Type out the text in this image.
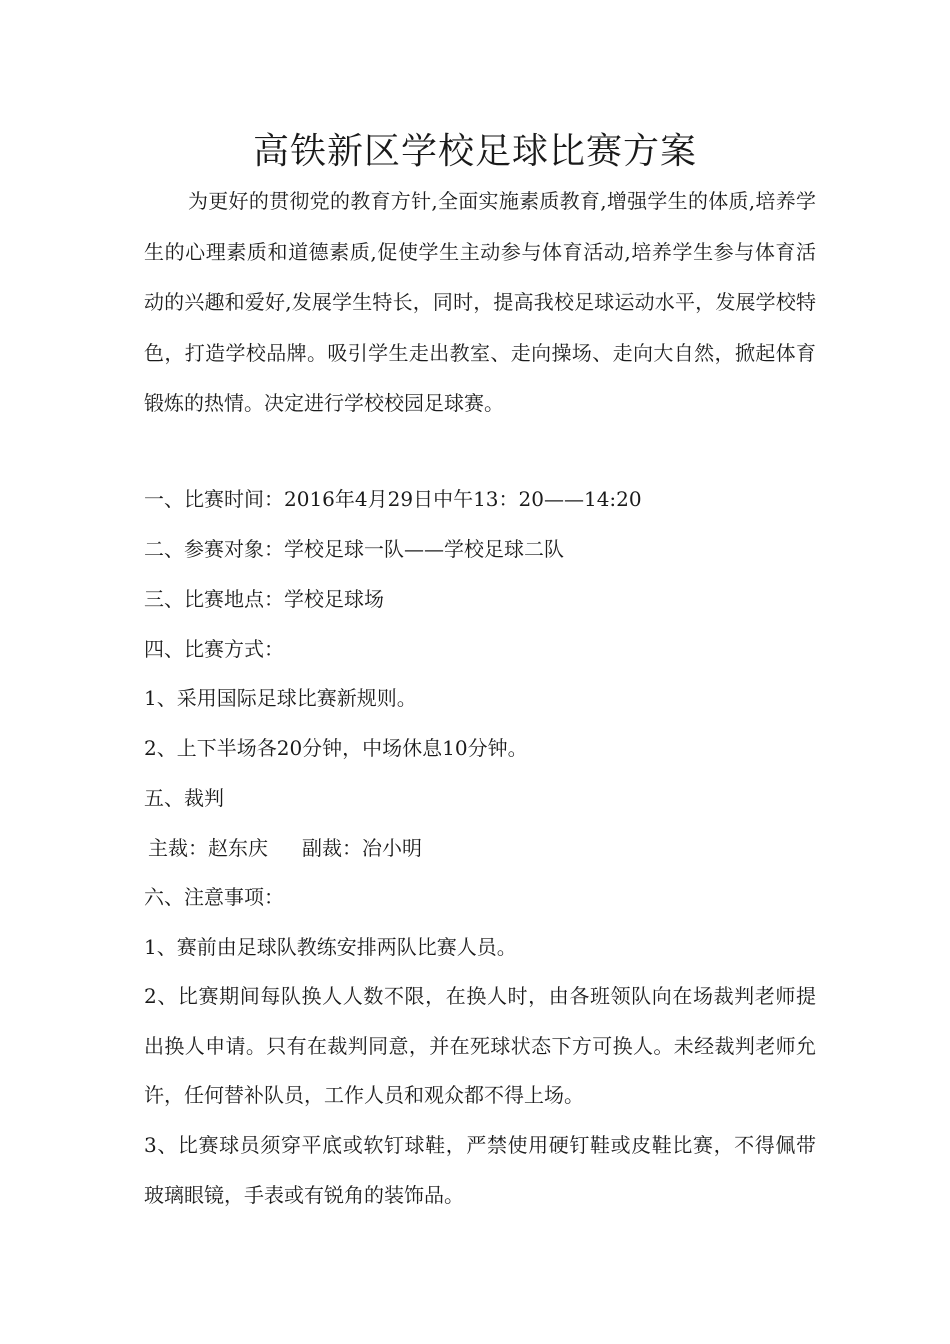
高铁新区学校足球比赛方案

为更好的贯彻党的教育方针,全面实施素质教育,增强学生的体质,培养学生的心理素质和道德素质,促使学生主动参与体育活动,培养学生参与体育活动的兴趣和爱好,发展学生特长，同时，提高我校足球运动水平，发展学校特色，打造学校品牌。吸引学生走出教室、走向操场、走向大自然，掀起体育锻炼的热情。决定进行学校校园足球赛。

一、比赛时间：2016年4月29日中午13：20——14:20

二、参赛对象：学校足球一队——学校足球二队

三、比赛地点：学校足球场

四、比赛方式：

1、采用国际足球比赛新规则。

2、上下半场各20分钟，中场休息10分钟。

五、裁判

主裁：赵东庆 副裁：冶小明

六、注意事项：

1、赛前由足球队教练安排两队比赛人员。

2、比赛期间每队换人人数不限，在换人时，由各班领队向在场裁判老师提出换人申请。只有在裁判同意，并在死球状态下方可换人。未经裁判老师允许，任何替补队员，工作人员和观众都不得上场。

3、比赛球员须穿平底或软钉球鞋，严禁使用硬钉鞋或皮鞋比赛，不得佩带玻璃眼镜，手表或有锐角的装饰品。
